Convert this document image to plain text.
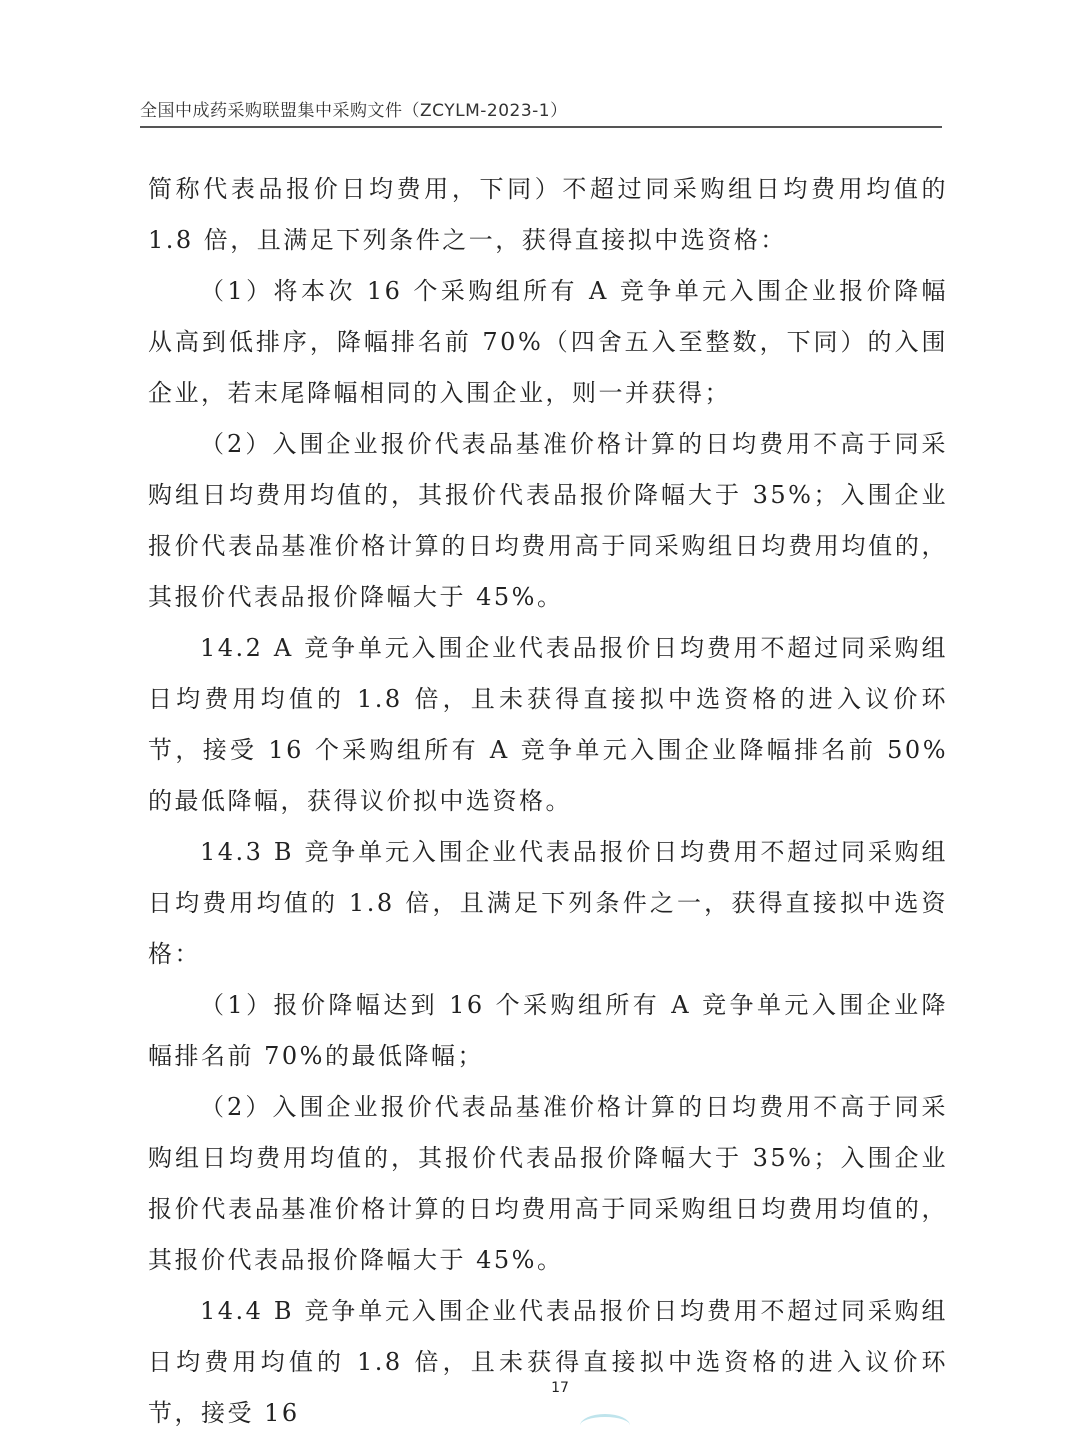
全国中成药采购联盟集中采购文件（ZCYLM-2023-1）

简称代表品报价日均费用，下同）不超过同采购组日均费用均值的 1.8 倍，且满足下列条件之一，获得直接拟中选资格：

（1）将本次 16 个采购组所有 A 竞争单元入围企业报价降幅从高到低排序，降幅排名前 70%（四舍五入至整数，下同）的入围企业，若末尾降幅相同的入围企业，则一并获得；

（2）入围企业报价代表品基准价格计算的日均费用不高于同采购组日均费用均值的，其报价代表品报价降幅大于 35%；入围企业报价代表品基准价格计算的日均费用高于同采购组日均费用均值的，其报价代表品报价降幅大于 45%。

14.2 A 竞争单元入围企业代表品报价日均费用不超过同采购组日均费用均值的 1.8 倍，且未获得直接拟中选资格的进入议价环节，接受 16 个采购组所有 A 竞争单元入围企业降幅排名前 50%的最低降幅，获得议价拟中选资格。

14.3 B 竞争单元入围企业代表品报价日均费用不超过同采购组日均费用均值的 1.8 倍，且满足下列条件之一，获得直接拟中选资格：

（1）报价降幅达到 16 个采购组所有 A 竞争单元入围企业降幅排名前 70%的最低降幅；

（2）入围企业报价代表品基准价格计算的日均费用不高于同采购组日均费用均值的，其报价代表品报价降幅大于 35%；入围企业报价代表品基准价格计算的日均费用高于同采购组日均费用均值的，其报价代表品报价降幅大于 45%。

14.4 B 竞争单元入围企业代表品报价日均费用不超过同采购组日均费用均值的 1.8 倍，且未获得直接拟中选资格的进入议价环节，接受 16

17
